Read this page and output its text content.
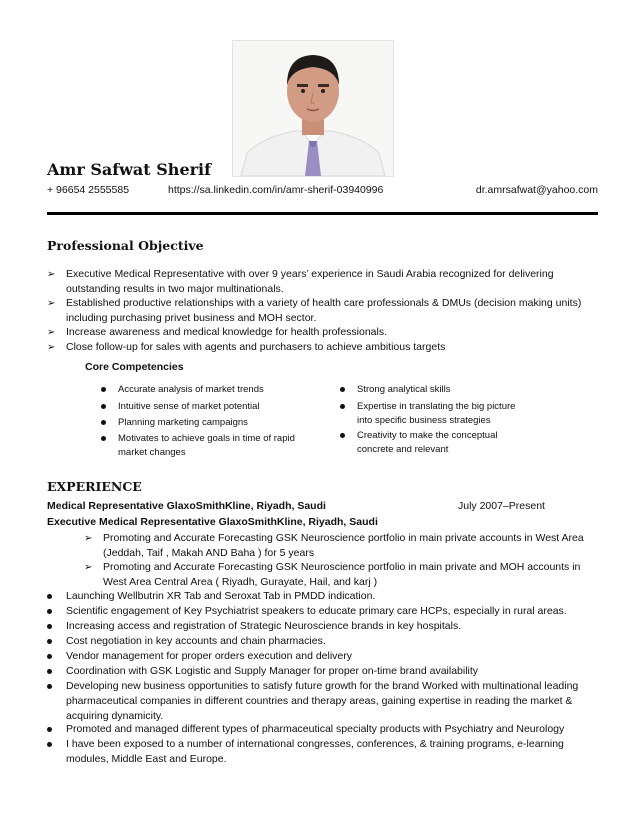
Amr Safwat Sherif
+ 96654 2555585	https://sa.linkedin.com/in/amr-sherif-03940996	dr.amrsafwat@yahoo.com
Professional Objective
➢ Executive Medical Representative with over 9 years’ experience in Saudi Arabia recognized for delivering
outstanding results in two major multinationals.
➢ Established productive relationships with a variety of health care professionals & DMUs (decision making units)
including purchasing privet business and MOH sector.
➢ Increase awareness and medical knowledge for health professionals.
➢ Close follow-up for sales with agents and purchasers to achieve ambitious targets
Core Competencies
Accurate analysis of market trends
Intuitive sense of market potential
Planning marketing campaigns
Motivates to achieve goals in time of rapid
market changes
Strong analytical skills
Expertise in translating the big picture
into specific business strategies
Creativity to make the conceptual
concrete and relevant
EXPERIENCE
Medical Representative GlaxoSmithKline, Riyadh, Saudi	July 2007–Present
Executive Medical Representative GlaxoSmithKline, Riyadh, Saudi
➢ Promoting and Accurate Forecasting GSK Neuroscience portfolio in main private accounts in West Area
(Jeddah, Taif , Makah AND Baha ) for 5 years
➢ Promoting and Accurate Forecasting GSK Neuroscience portfolio in main private and MOH accounts in
West Area Central Area ( Riyadh, Gurayate, Hail, and karj )
Launching Wellbutrin XR Tab and Seroxat Tab in PMDD indication.
Scientific engagement of Key Psychiatrist speakers to educate primary care HCPs, especially in rural areas.
Increasing access and registration of Strategic Neuroscience brands in key hospitals.
Cost negotiation in key accounts and chain pharmacies.
Vendor management for proper orders execution and delivery
Coordination with GSK Logistic and Supply Manager for proper on-time brand availability
Developing new business opportunities to satisfy future growth for the brand Worked with multinational leading
pharmaceutical companies in different countries and therapy areas, gaining expertise in reading the market &
acquiring dynamicity.
Promoted and managed different types of pharmaceutical specialty products with Psychiatry and Neurology
I have been exposed to a number of international congresses, conferences, & training programs, e-learning
modules, Middle East and Europe.
